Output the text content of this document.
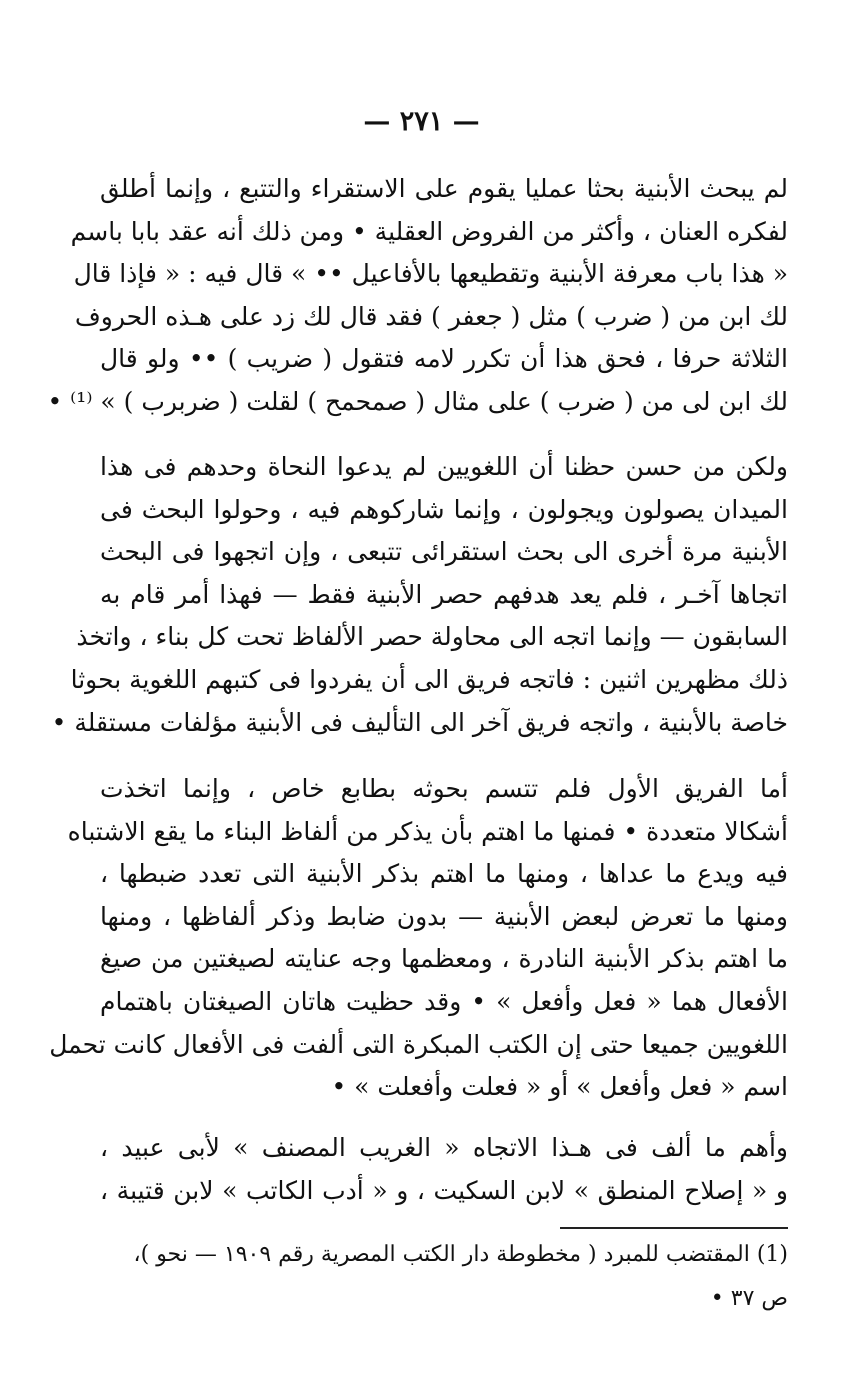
— ٢٧١ —
لم يبحث الأبنية بحثا عمليا يقوم على الاستقراء والتتبع ، وإنما أطلق
لفكره العنان ، وأكثر من الفروض العقلية • ومن ذلك أنه عقد بابا باسم
« هذا باب معرفة الأبنية وتقطيعها بالأفاعيل •• » قال فيه : « فإذا قال
لك ابن من ( ضرب ) مثل ( جعفر ) فقد قال لك زد على هـذه الحروف
الثلاثة حرفا ، فحق هذا أن تكرر لامه فتقول ( ضريب ) •• ولو قال
لك ابن لى من ( ضرب ) على مثال ( صمحمح ) لقلت ( ضربرب ) » ⁽¹⁾ •
ولكن من حسن حظنا أن اللغويين لم يدعوا النحاة وحدهم فى هذا
الميدان يصولون ويجولون ، وإنما شاركوهم فيه ، وحولوا البحث فى
الأبنية مرة أخرى الى بحث استقرائى تتبعى ، وإن اتجهوا فى البحث
اتجاها آخـر ، فلم يعد هدفهم حصر الأبنية فقط — فهذا أمر قام به
السابقون — وإنما اتجه الى محاولة حصر الألفاظ تحت كل بناء ، واتخذ
ذلك مظهرين اثنين : فاتجه فريق الى أن يفردوا فى كتبهم اللغوية بحوثا
خاصة بالأبنية ، واتجه فريق آخر الى التأليف فى الأبنية مؤلفات مستقلة •
أما الفريق الأول فلم تتسم بحوثه بطابع خاص ، وإنما اتخذت
أشكالا متعددة • فمنها ما اهتم بأن يذكر من ألفاظ البناء ما يقع الاشتباه
فيه ويدع ما عداها ، ومنها ما اهتم بذكر الأبنية التى تعدد ضبطها ،
ومنها ما تعرض لبعض الأبنية — بدون ضابط وذكر ألفاظها ، ومنها
ما اهتم بذكر الأبنية النادرة ، ومعظمها وجه عنايته لصيغتين من صيغ
الأفعال هما « فعل وأفعل » • وقد حظيت هاتان الصيغتان باهتمام
اللغويين جميعا حتى إن الكتب المبكرة التى ألفت فى الأفعال كانت تحمل
اسم « فعل وأفعل » أو « فعلت وأفعلت » •
وأهم ما ألف فى هـذا الاتجاه « الغريب المصنف » لأبى عبيد ،
و « إصلاح المنطق » لابن السكيت ، و « أدب الكاتب » لابن قتيبة ،
(1) المقتضب للمبرد ( مخطوطة دار الكتب المصرية رقم ١٩٠٩ — نحو )،
ص ٣٧ •
